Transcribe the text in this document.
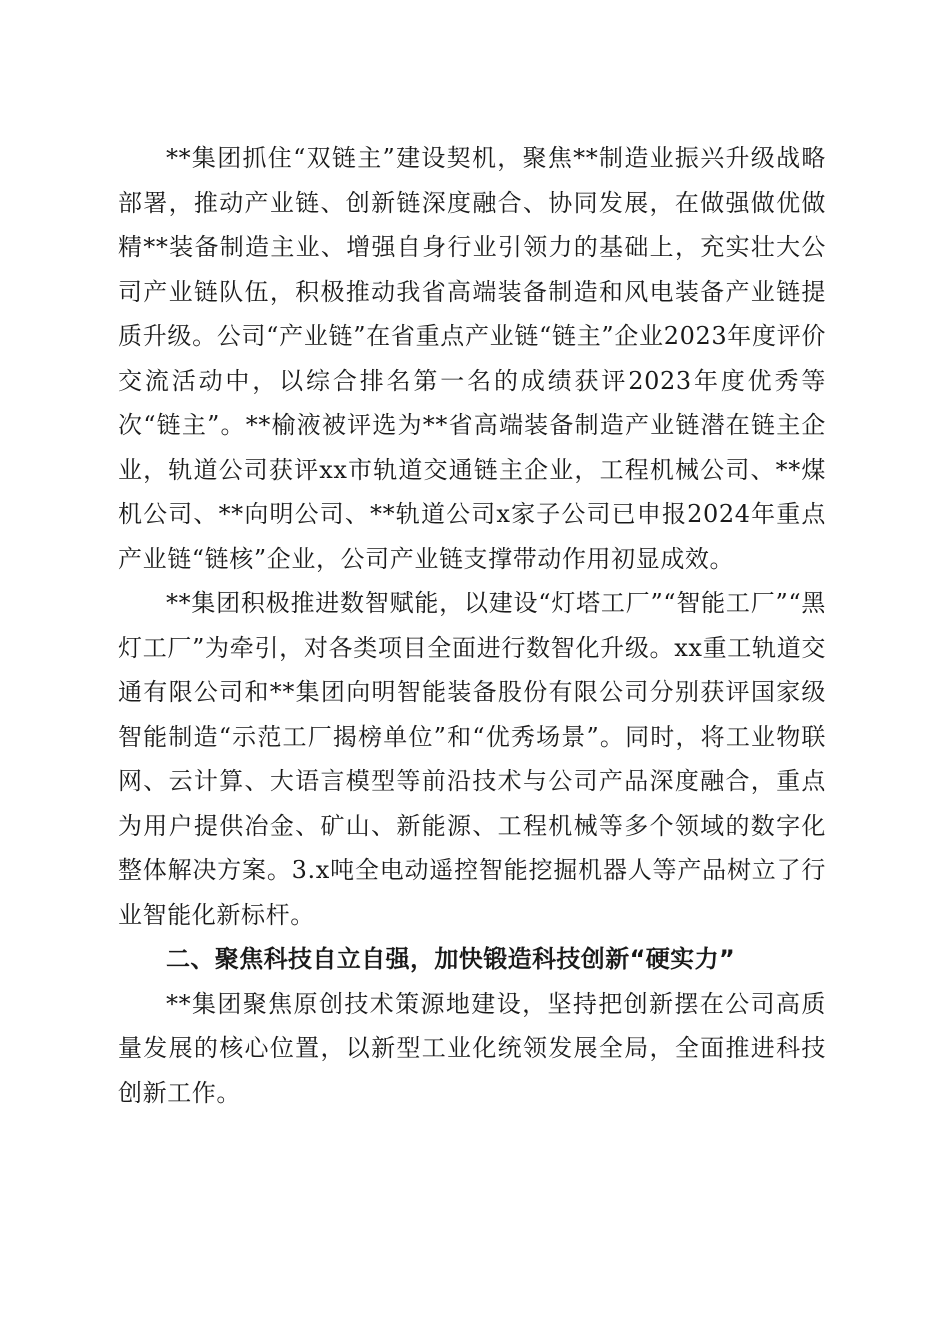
**集团抓住“双链主”建设契机，聚焦**制造业振兴升级战略部署，推动产业链、创新链深度融合、协同发展，在做强做优做精**装备制造主业、增强自身行业引领力的基础上，充实壮大公司产业链队伍，积极推动我省高端装备制造和风电装备产业链提质升级。公司“产业链”在省重点产业链“链主”企业2023年度评价交流活动中，以综合排名第一名的成绩获评2023年度优秀等次“链主”。**榆液被评选为**省高端装备制造产业链潜在链主企业，轨道公司获评xx市轨道交通链主企业，工程机械公司、**煤机公司、**向明公司、**轨道公司x家子公司已申报2024年重点产业链“链核”企业，公司产业链支撑带动作用初显成效。

**集团积极推进数智赋能，以建设“灯塔工厂”“智能工厂”“黑灯工厂”为牵引，对各类项目全面进行数智化升级。xx重工轨道交通有限公司和**集团向明智能装备股份有限公司分别获评国家级智能制造“示范工厂揭榜单位”和“优秀场景”。同时，将工业物联网、云计算、大语言模型等前沿技术与公司产品深度融合，重点为用户提供冶金、矿山、新能源、工程机械等多个领域的数字化整体解决方案。3.x吨全电动遥控智能挖掘机器人等产品树立了行业智能化新标杆。

二、聚焦科技自立自强，加快锻造科技创新“硬实力”

**集团聚焦原创技术策源地建设，坚持把创新摆在公司高质量发展的核心位置，以新型工业化统领发展全局，全面推进科技创新工作。
